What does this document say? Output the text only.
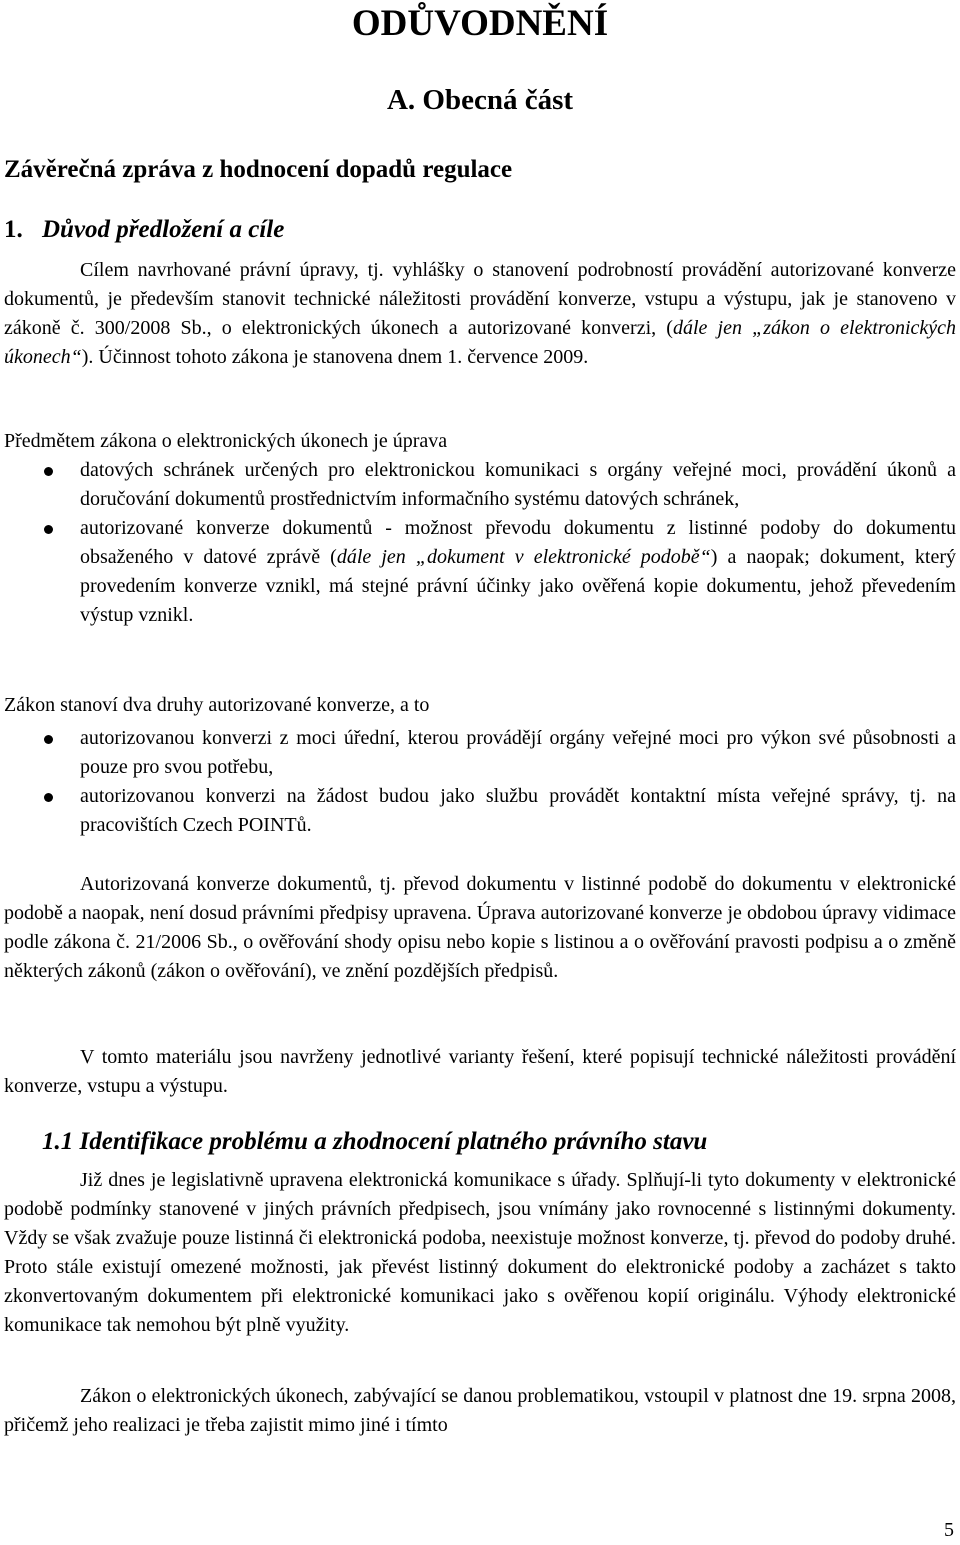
ODŮVODNĚNÍ
A. Obecná část
Závěrečná zpráva z hodnocení dopadů regulace
1. Důvod předložení a cíle
Cílem navrhované právní úpravy, tj. vyhlášky o stanovení podrobností provádění autorizované konverze dokumentů, je především stanovit technické náležitosti provádění konverze, vstupu a výstupu, jak je stanoveno v zákoně č. 300/2008 Sb., o elektronických úkonech a autorizované konverzi, (dále jen „zákon o elektronických úkonech“). Účinnost tohoto zákona je stanovena dnem 1. července 2009.
Předmětem zákona o elektronických úkonech je úprava
datových schránek určených pro elektronickou komunikaci s orgány veřejné moci, provádění úkonů a doručování dokumentů prostřednictvím informačního systému datových schránek,
autorizované konverze dokumentů - možnost převodu dokumentu z listinné podoby do dokumentu obsaženého v datové zprávě (dále jen „dokument v elektronické podobě“) a naopak; dokument, který provedením konverze vznikl, má stejné právní účinky jako ověřená kopie dokumentu, jehož převedením výstup vznikl.
Zákon stanoví dva druhy autorizované konverze, a to
autorizovanou konverzi z moci úřední, kterou provádějí orgány veřejné moci pro výkon své působnosti a pouze pro svou potřebu,
autorizovanou konverzi na žádost budou jako službu provádět kontaktní místa veřejné správy, tj. na pracovištích Czech POINTů.
Autorizovaná konverze dokumentů, tj. převod dokumentu v listinné podobě do dokumentu v elektronické podobě a naopak, není dosud právními předpisy upravena. Úprava autorizované konverze je obdobou úpravy vidimace podle zákona č. 21/2006 Sb., o ověřování shody opisu nebo kopie s listinou a o ověřování pravosti podpisu a o změně některých zákonů (zákon o ověřování), ve znění pozdějších předpisů.
V tomto materiálu jsou navrženy jednotlivé varianty řešení, které popisují technické náležitosti provádění konverze, vstupu a výstupu.
1.1 Identifikace problému a zhodnocení platného právního stavu
Již dnes je legislativně upravena elektronická komunikace s úřady. Splňují-li tyto dokumenty v elektronické podobě podmínky stanovené v jiných právních předpisech, jsou vnímány jako rovnocenné s listinnými dokumenty. Vždy se však zvažuje pouze listinná či elektronická podoba, neexistuje možnost konverze, tj. převod do podoby druhé. Proto stále existují omezené možnosti, jak převést listinný dokument do elektronické podoby a zacházet s takto zkonvertovaným dokumentem při elektronické komunikaci jako s ověřenou kopií originálu. Výhody elektronické komunikace tak nemohou být plně využity.
Zákon o elektronických úkonech, zabývající se danou problematikou, vstoupil v platnost dne 19. srpna 2008, přičemž jeho realizaci je třeba zajistit mimo jiné i tímto
5
